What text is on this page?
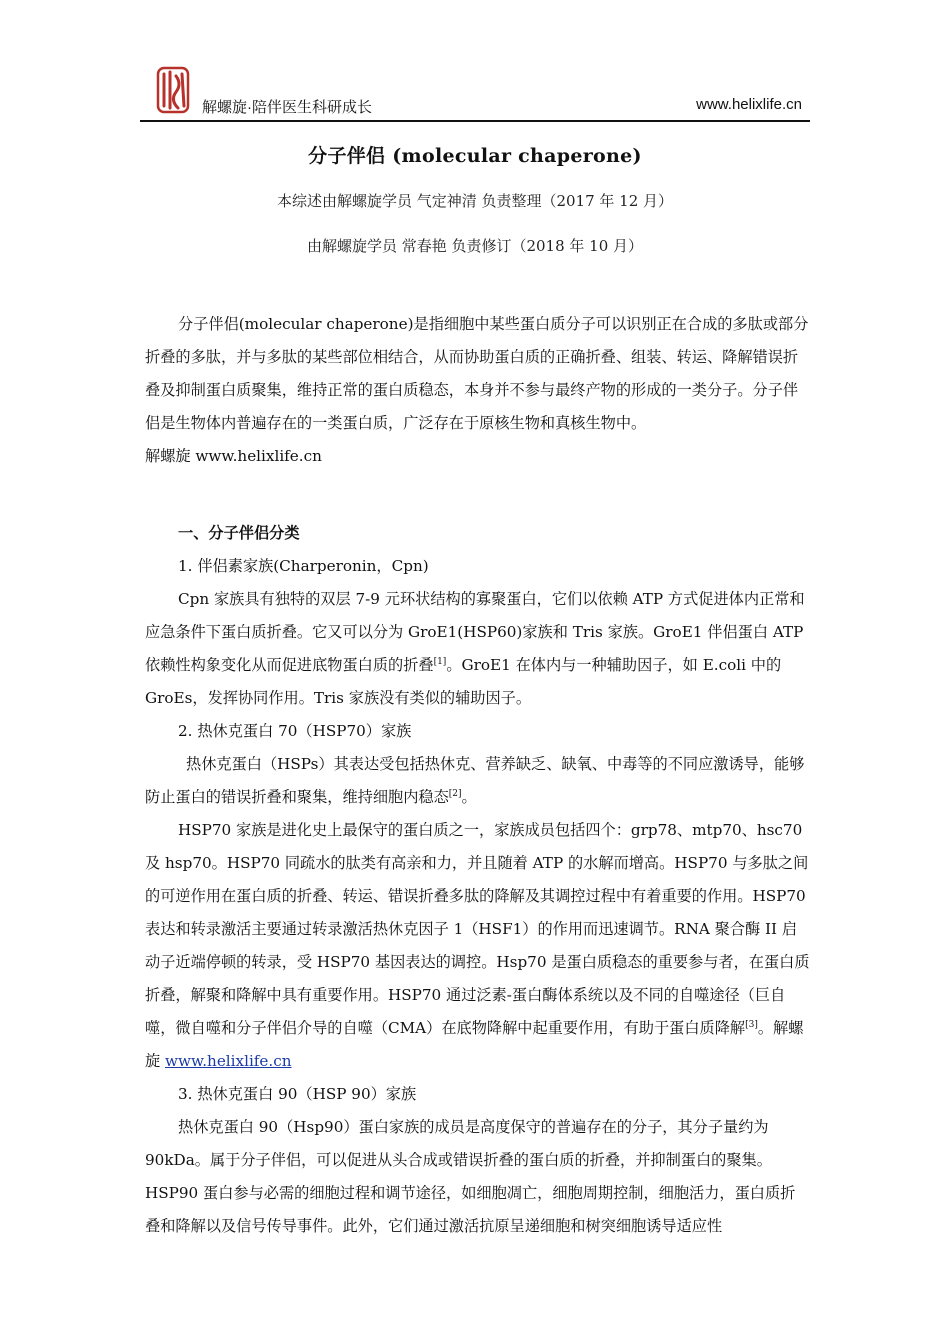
解螺旋·陪伴医生科研成长	www.helixlife.cn
分子伴侣 (molecular chaperone)
本综述由解螺旋学员 气定神清 负责整理（2017 年 12 月）
由解螺旋学员 常春艳 负责修订（2018 年 10 月）

分子伴侣(molecular chaperone)是指细胞中某些蛋白质分子可以识别正在合成的多肽或部分折叠的多肽，并与多肽的某些部位相结合，从而协助蛋白质的正确折叠、组装、转运、降解错误折叠及抑制蛋白质聚集，维持正常的蛋白质稳态，本身并不参与最终产物的形成的一类分子。分子伴侣是生物体内普遍存在的一类蛋白质，广泛存在于原核生物和真核生物中。

解螺旋 www.helixlife.cn

一、分子伴侣分类

1. 伴侣素家族(Charperonin，Cpn)

Cpn 家族具有独特的双层 7-9 元环状结构的寡聚蛋白，它们以依赖 ATP 方式促进体内正常和应急条件下蛋白质折叠。它又可以分为 GroE1(HSP60)家族和 Tris 家族。GroE1 伴侣蛋白 ATP 依赖性构象变化从而促进底物蛋白质的折叠[1]。GroE1 在体内与一种辅助因子，如 E.coli 中的 GroEs，发挥协同作用。Tris 家族没有类似的辅助因子。

2. 热休克蛋白 70（HSP70）家族

热休克蛋白（HSPs）其表达受包括热休克、营养缺乏、缺氧、中毒等的不同应激诱导，能够防止蛋白的错误折叠和聚集，维持细胞内稳态[2]。

HSP70 家族是进化史上最保守的蛋白质之一，家族成员包括四个：grp78、mtp70、hsc70 及 hsp70。HSP70 同疏水的肽类有高亲和力，并且随着 ATP 的水解而增高。HSP70 与多肽之间的可逆作用在蛋白质的折叠、转运、错误折叠多肽的降解及其调控过程中有着重要的作用。HSP70 表达和转录激活主要通过转录激活热休克因子 1（HSF1）的作用而迅速调节。RNA 聚合酶 II 启动子近端停顿的转录，受 HSP70 基因表达的调控。Hsp70 是蛋白质稳态的重要参与者，在蛋白质折叠，解聚和降解中具有重要作用。HSP70 通过泛素-蛋白酶体系统以及不同的自噬途径（巨自噬，微自噬和分子伴侣介导的自噬（CMA）在底物降解中起重要作用，有助于蛋白质降解[3]。解螺旋 www.helixlife.cn

3. 热休克蛋白 90（HSP 90）家族

热休克蛋白 90（Hsp90）蛋白家族的成员是高度保守的普遍存在的分子，其分子量约为 90kDa。属于分子伴侣，可以促进从头合成或错误折叠的蛋白质的折叠，并抑制蛋白的聚集。HSP90 蛋白参与必需的细胞过程和调节途径，如细胞凋亡，细胞周期控制，细胞活力，蛋白质折叠和降解以及信号传导事件。此外，它们通过激活抗原呈递细胞和树突细胞诱导适应性
